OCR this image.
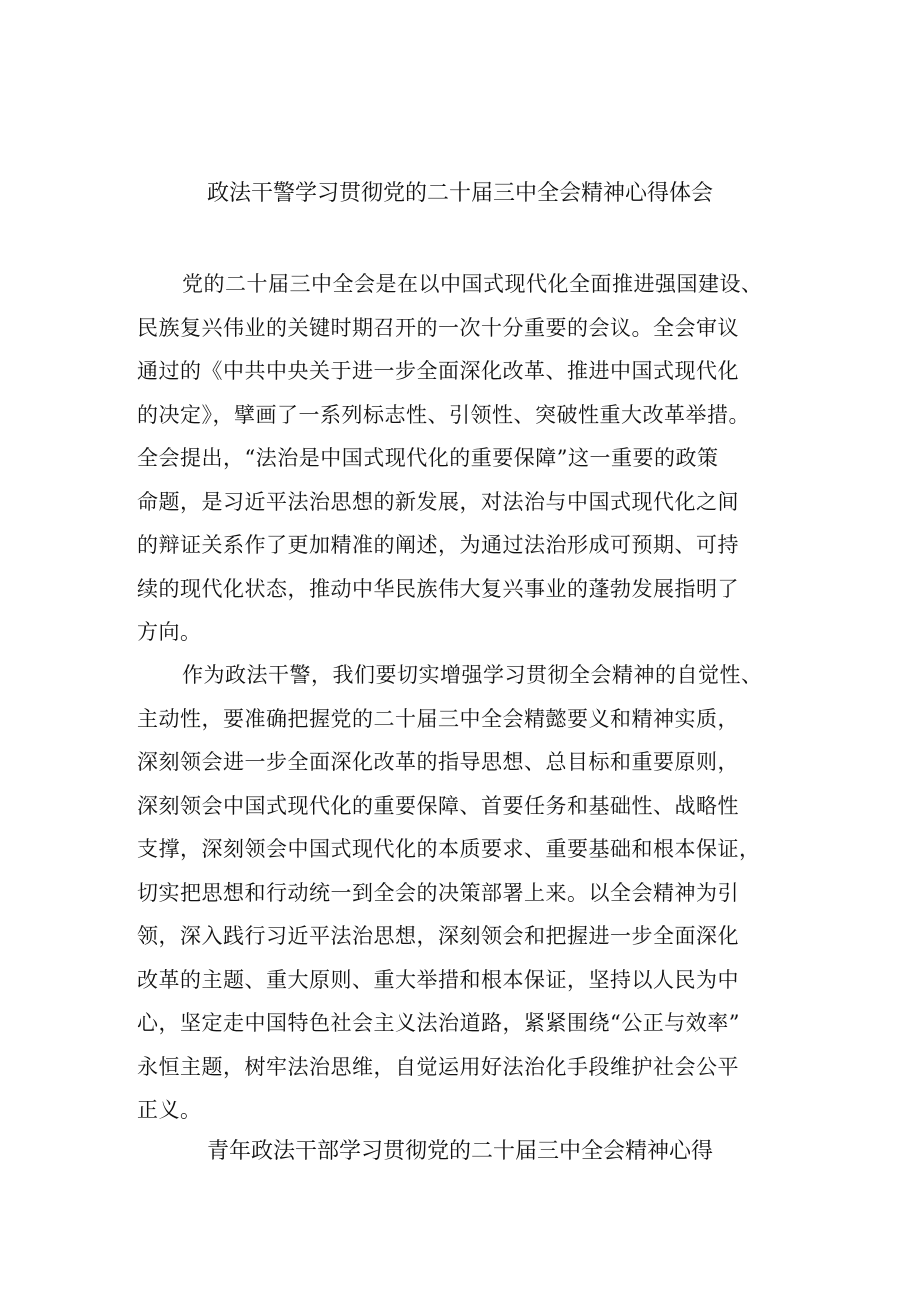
政法干警学习贯彻党的二十届三中全会精神心得体会

党的二十届三中全会是在以中国式现代化全面推进强国建设、
民族复兴伟业的关键时期召开的一次十分重要的会议。全会审议
通过的《中共中央关于进一步全面深化改革、推进中国式现代化
的决定》，擘画了一系列标志性、引领性、突破性重大改革举措。
全会提出，“法治是中国式现代化的重要保障”这一重要的政策
命题，是习近平法治思想的新发展，对法治与中国式现代化之间
的辩证关系作了更加精准的阐述，为通过法治形成可预期、可持
续的现代化状态，推动中华民族伟大复兴事业的蓬勃发展指明了
方向。

作为政法干警，我们要切实增强学习贯彻全会精神的自觉性、
主动性，要准确把握党的二十届三中全会精懿要义和精神实质，
深刻领会进一步全面深化改革的指导思想、总目标和重要原则，
深刻领会中国式现代化的重要保障、首要任务和基础性、战略性
支撑，深刻领会中国式现代化的本质要求、重要基础和根本保证，
切实把思想和行动统一到全会的决策部署上来。以全会精神为引
领，深入践行习近平法治思想，深刻领会和把握进一步全面深化
改革的主题、重大原则、重大举措和根本保证，坚持以人民为中
心，坚定走中国特色社会主义法治道路，紧紧围绕“公正与效率”
永恒主题，树牢法治思维，自觉运用好法治化手段维护社会公平
正义。

青年政法干部学习贯彻党的二十届三中全会精神心得
